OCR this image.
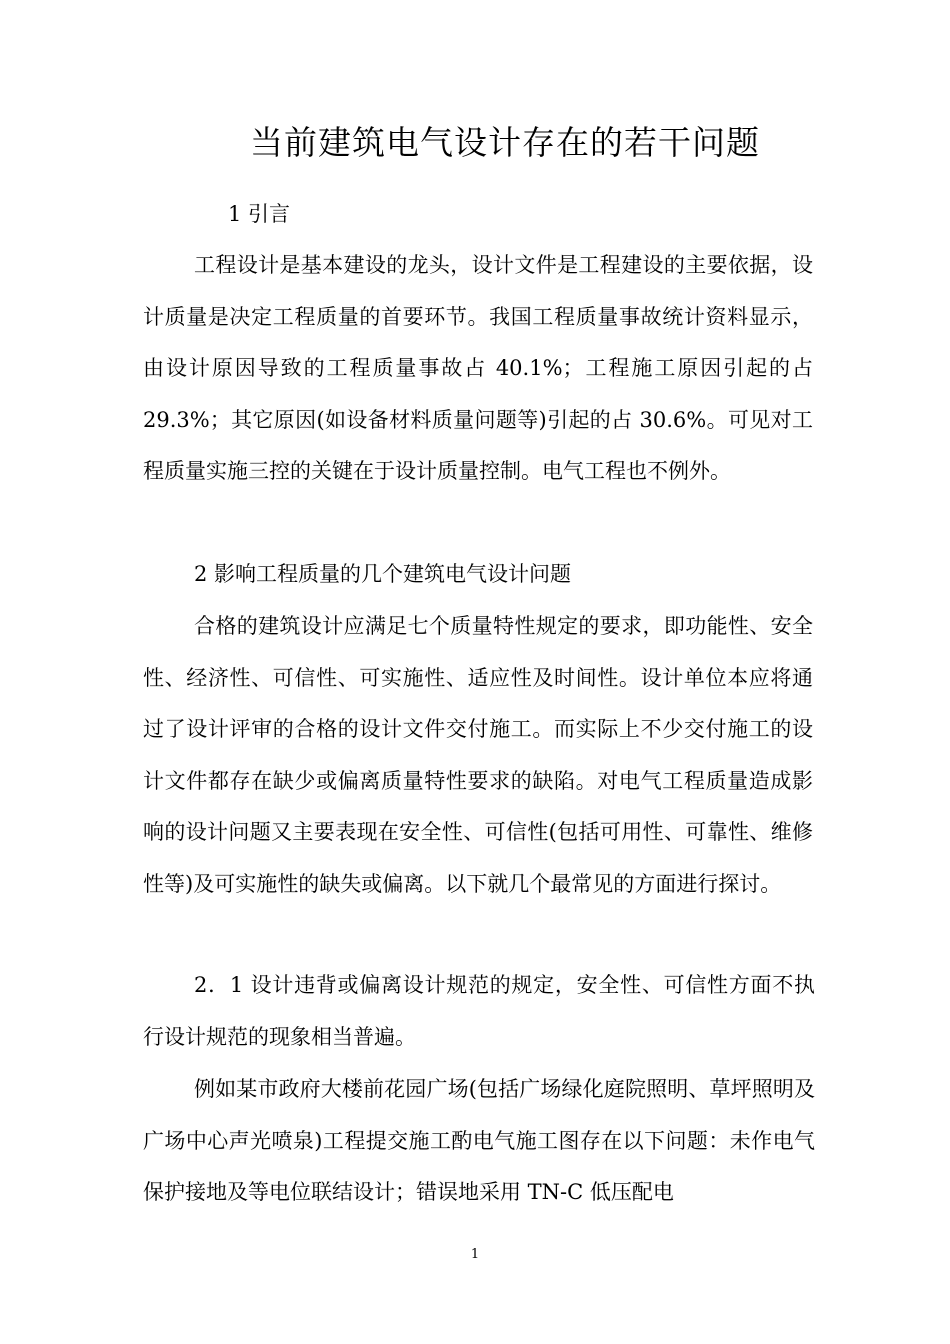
当前建筑电气设计存在的若干问题
1 引言

工程设计是基本建设的龙头，设计文件是工程建设的主要依据，设计质量是决定工程质量的首要环节。我国工程质量事故统计资料显示，由设计原因导致的工程质量事故占 40.1%；工程施工原因引起的占 29.3%；其它原因(如设备材料质量问题等)引起的占 30.6%。可见对工程质量实施三控的关键在于设计质量控制。电气工程也不例外。

2 影响工程质量的几个建筑电气设计问题

合格的建筑设计应满足七个质量特性规定的要求，即功能性、安全性、经济性、可信性、可实施性、适应性及时间性。设计单位本应将通过了设计评审的合格的设计文件交付施工。而实际上不少交付施工的设计文件都存在缺少或偏离质量特性要求的缺陷。对电气工程质量造成影响的设计问题又主要表现在安全性、可信性(包括可用性、可靠性、维修性等)及可实施性的缺失或偏离。以下就几个最常见的方面进行探讨。

2．1 设计违背或偏离设计规范的规定，安全性、可信性方面不执行设计规范的现象相当普遍。

例如某市政府大楼前花园广场(包括广场绿化庭院照明、草坪照明及广场中心声光喷泉)工程提交施工酌电气施工图存在以下问题：未作电气保护接地及等电位联结设计；错误地采用 TN-C 低压配电

1
